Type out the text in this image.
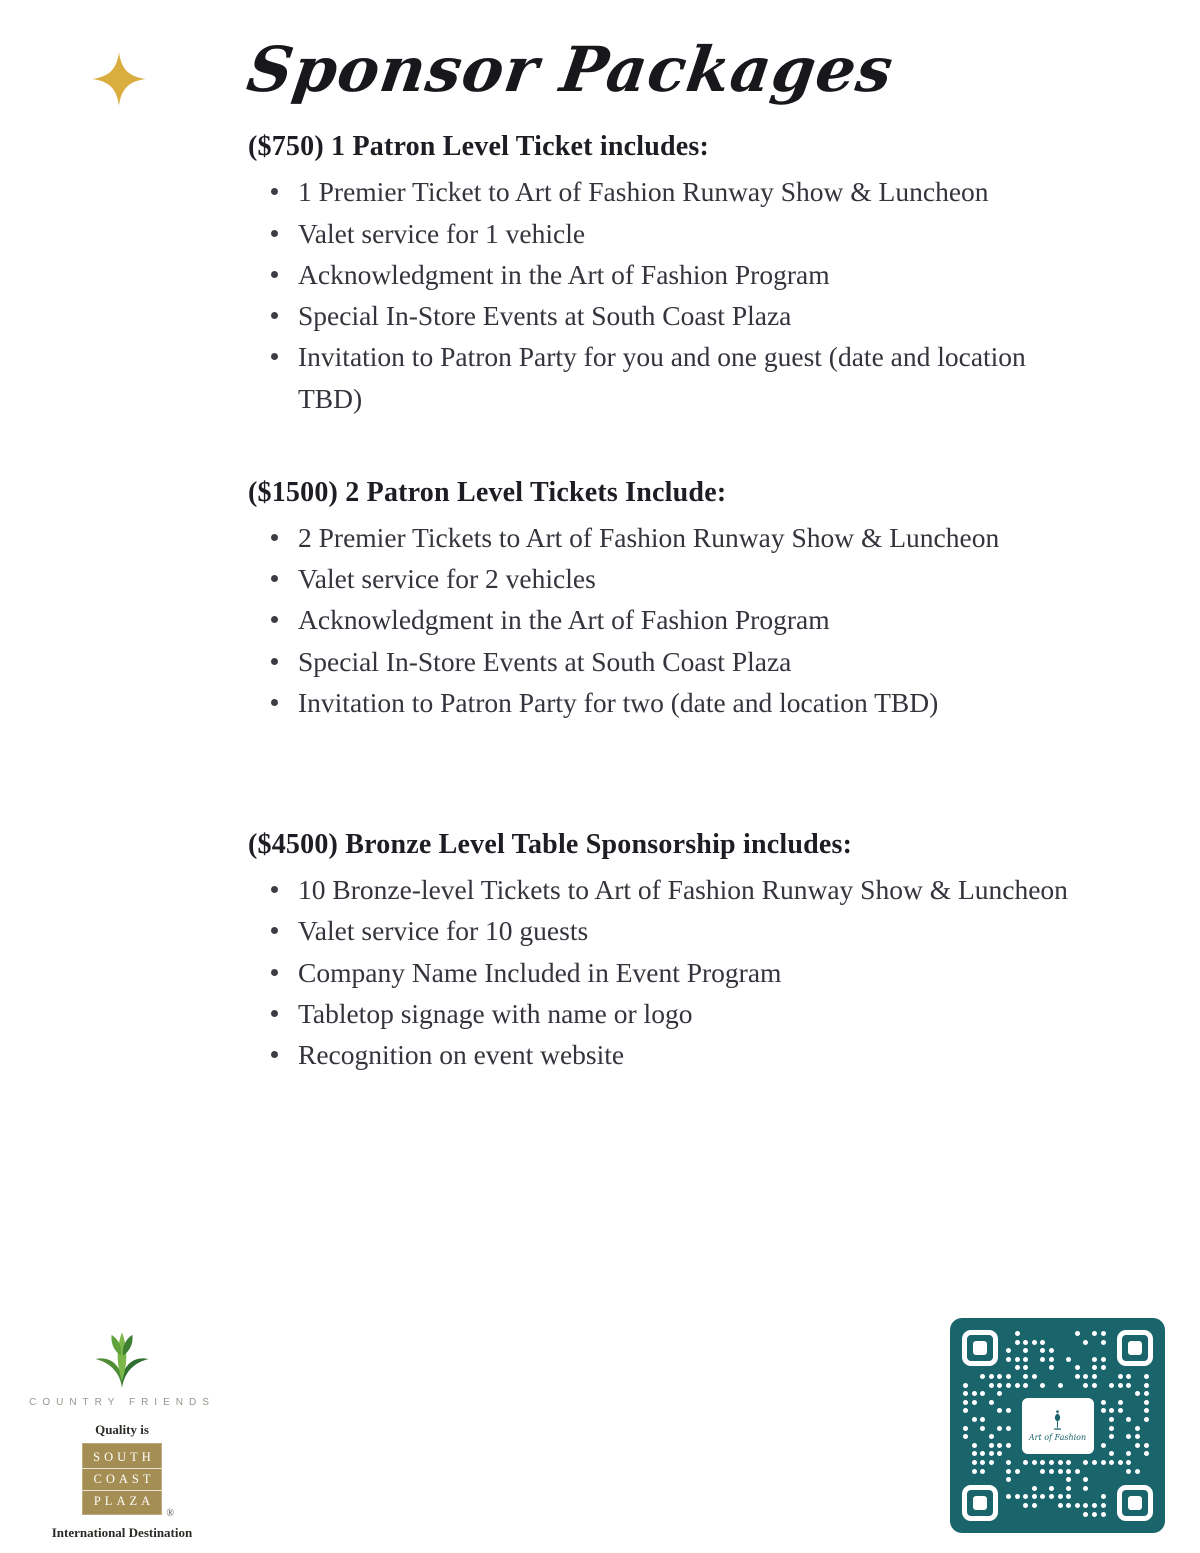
Sponsor Packages
($750) 1 Patron Level Ticket includes:
1 Premier Ticket to Art of Fashion Runway Show & Luncheon
Valet service for 1 vehicle
Acknowledgment in the Art of Fashion Program
Special In-Store Events at South Coast Plaza
Invitation to Patron Party for you and one guest (date and location TBD)
($1500) 2 Patron Level Tickets Include:
2 Premier Tickets to Art of Fashion Runway Show & Luncheon
Valet service for 2 vehicles
Acknowledgment in the Art of Fashion Program
Special In-Store Events at South Coast Plaza
Invitation to Patron Party for two (date and location TBD)
($4500) Bronze Level Table Sponsorship includes:
10 Bronze-level Tickets to Art of Fashion Runway Show & Luncheon
Valet service for 10 guests
Company Name Included in Event Program
Tabletop signage with name or logo
Recognition on event website
COUNTRY FRIENDS
Quality is
SOUTH
COAST
PLAZA
®
International Destination
Art of Fashion
